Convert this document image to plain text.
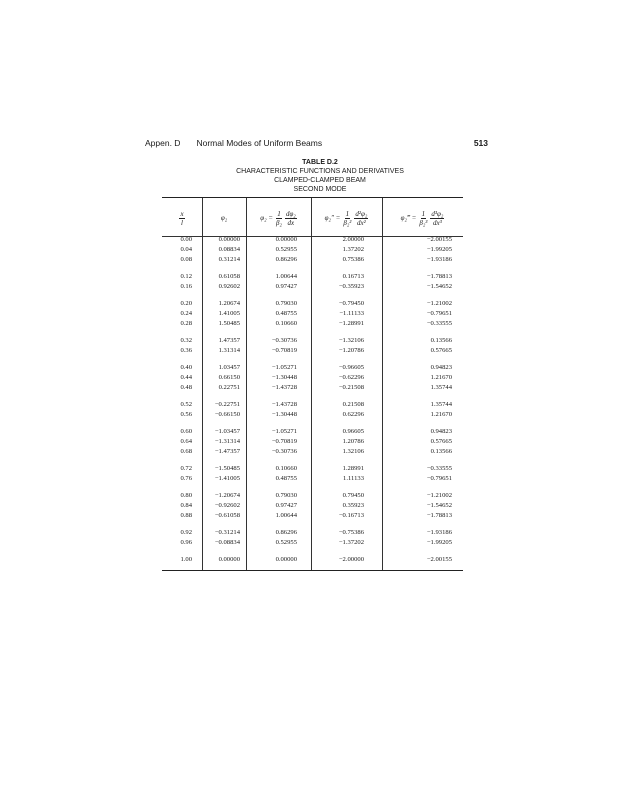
Appen. D Normal Modes of Uniform Beams	513
TABLE D.2
CHARACTERISTIC FUNCTIONS AND DERIVATIVES
CLAMPED-CLAMPED BEAM
SECOND MODE
$\frac{x}{l}$	φ₂	$\varphi_2 = \frac{1}{\text{β₂}} \frac{\text{dφ₂}}{dx}$	$\varphi_2'' = \frac{1}{\text{β₂²}} \frac{\text{d²φ₂}}{\text{dx²}}$	φ₂‴ = $\frac{1}{\text{β₂³}} \frac{\text{d³φ₂}}{\text{dx³}}$
0.00	0.00000	0.00000	2.00000	−2.00155
0.04	0.08834	0.52955	1.37202	−1.99205
0.08	0.31214	0.86296	0.75386	−1.93186
0.12	0.61058	1.00644	0.16713	−1.78813
0.16	0.92602	0.97427	−0.35923	−1.54652
0.20	1.20674	0.79030	−0.79450	−1.21002
0.24	1.41005	0.48755	−1.11133	−0.79651
0.28	1.50485	0.10660	−1.28991	−0.33555
0.32	1.47357	−0.30736	−1.32106	0.13566
0.36	1.31314	−0.70819	−1.20786	0.57665
0.40	1.03457	−1.05271	−0.96605	0.94823
0.44	0.66150	−1.30448	−0.62296	1.21670
0.48	0.22751	−1.43728	−0.21508	1.35744
0.52	−0.22751	−1.43728	0.21508	1.35744
0.56	−0.66150	−1.30448	0.62296	1.21670
0.60	−1.03457	−1.05271	0.96605	0.94823
0.64	−1.31314	−0.70819	1.20786	0.57665
0.68	−1.47357	−0.30736	1.32106	0.13566
0.72	−1.50485	0.10660	1.28991	−0.33555
0.76	−1.41005	0.48755	1.11133	−0.79651
0.80	−1.20674	0.79030	0.79450	−1.21002
0.84	−0.92602	0.97427	0.35923	−1.54652
0.88	−0.61058	1.00644	−0.16713	−1.78813
0.92	−0.31214	0.86296	−0.75386	−1.93186
0.96	−0.08834	0.52955	−1.37202	−1.99205
1.00	0.00000	0.00000	−2.00000	−2.00155
